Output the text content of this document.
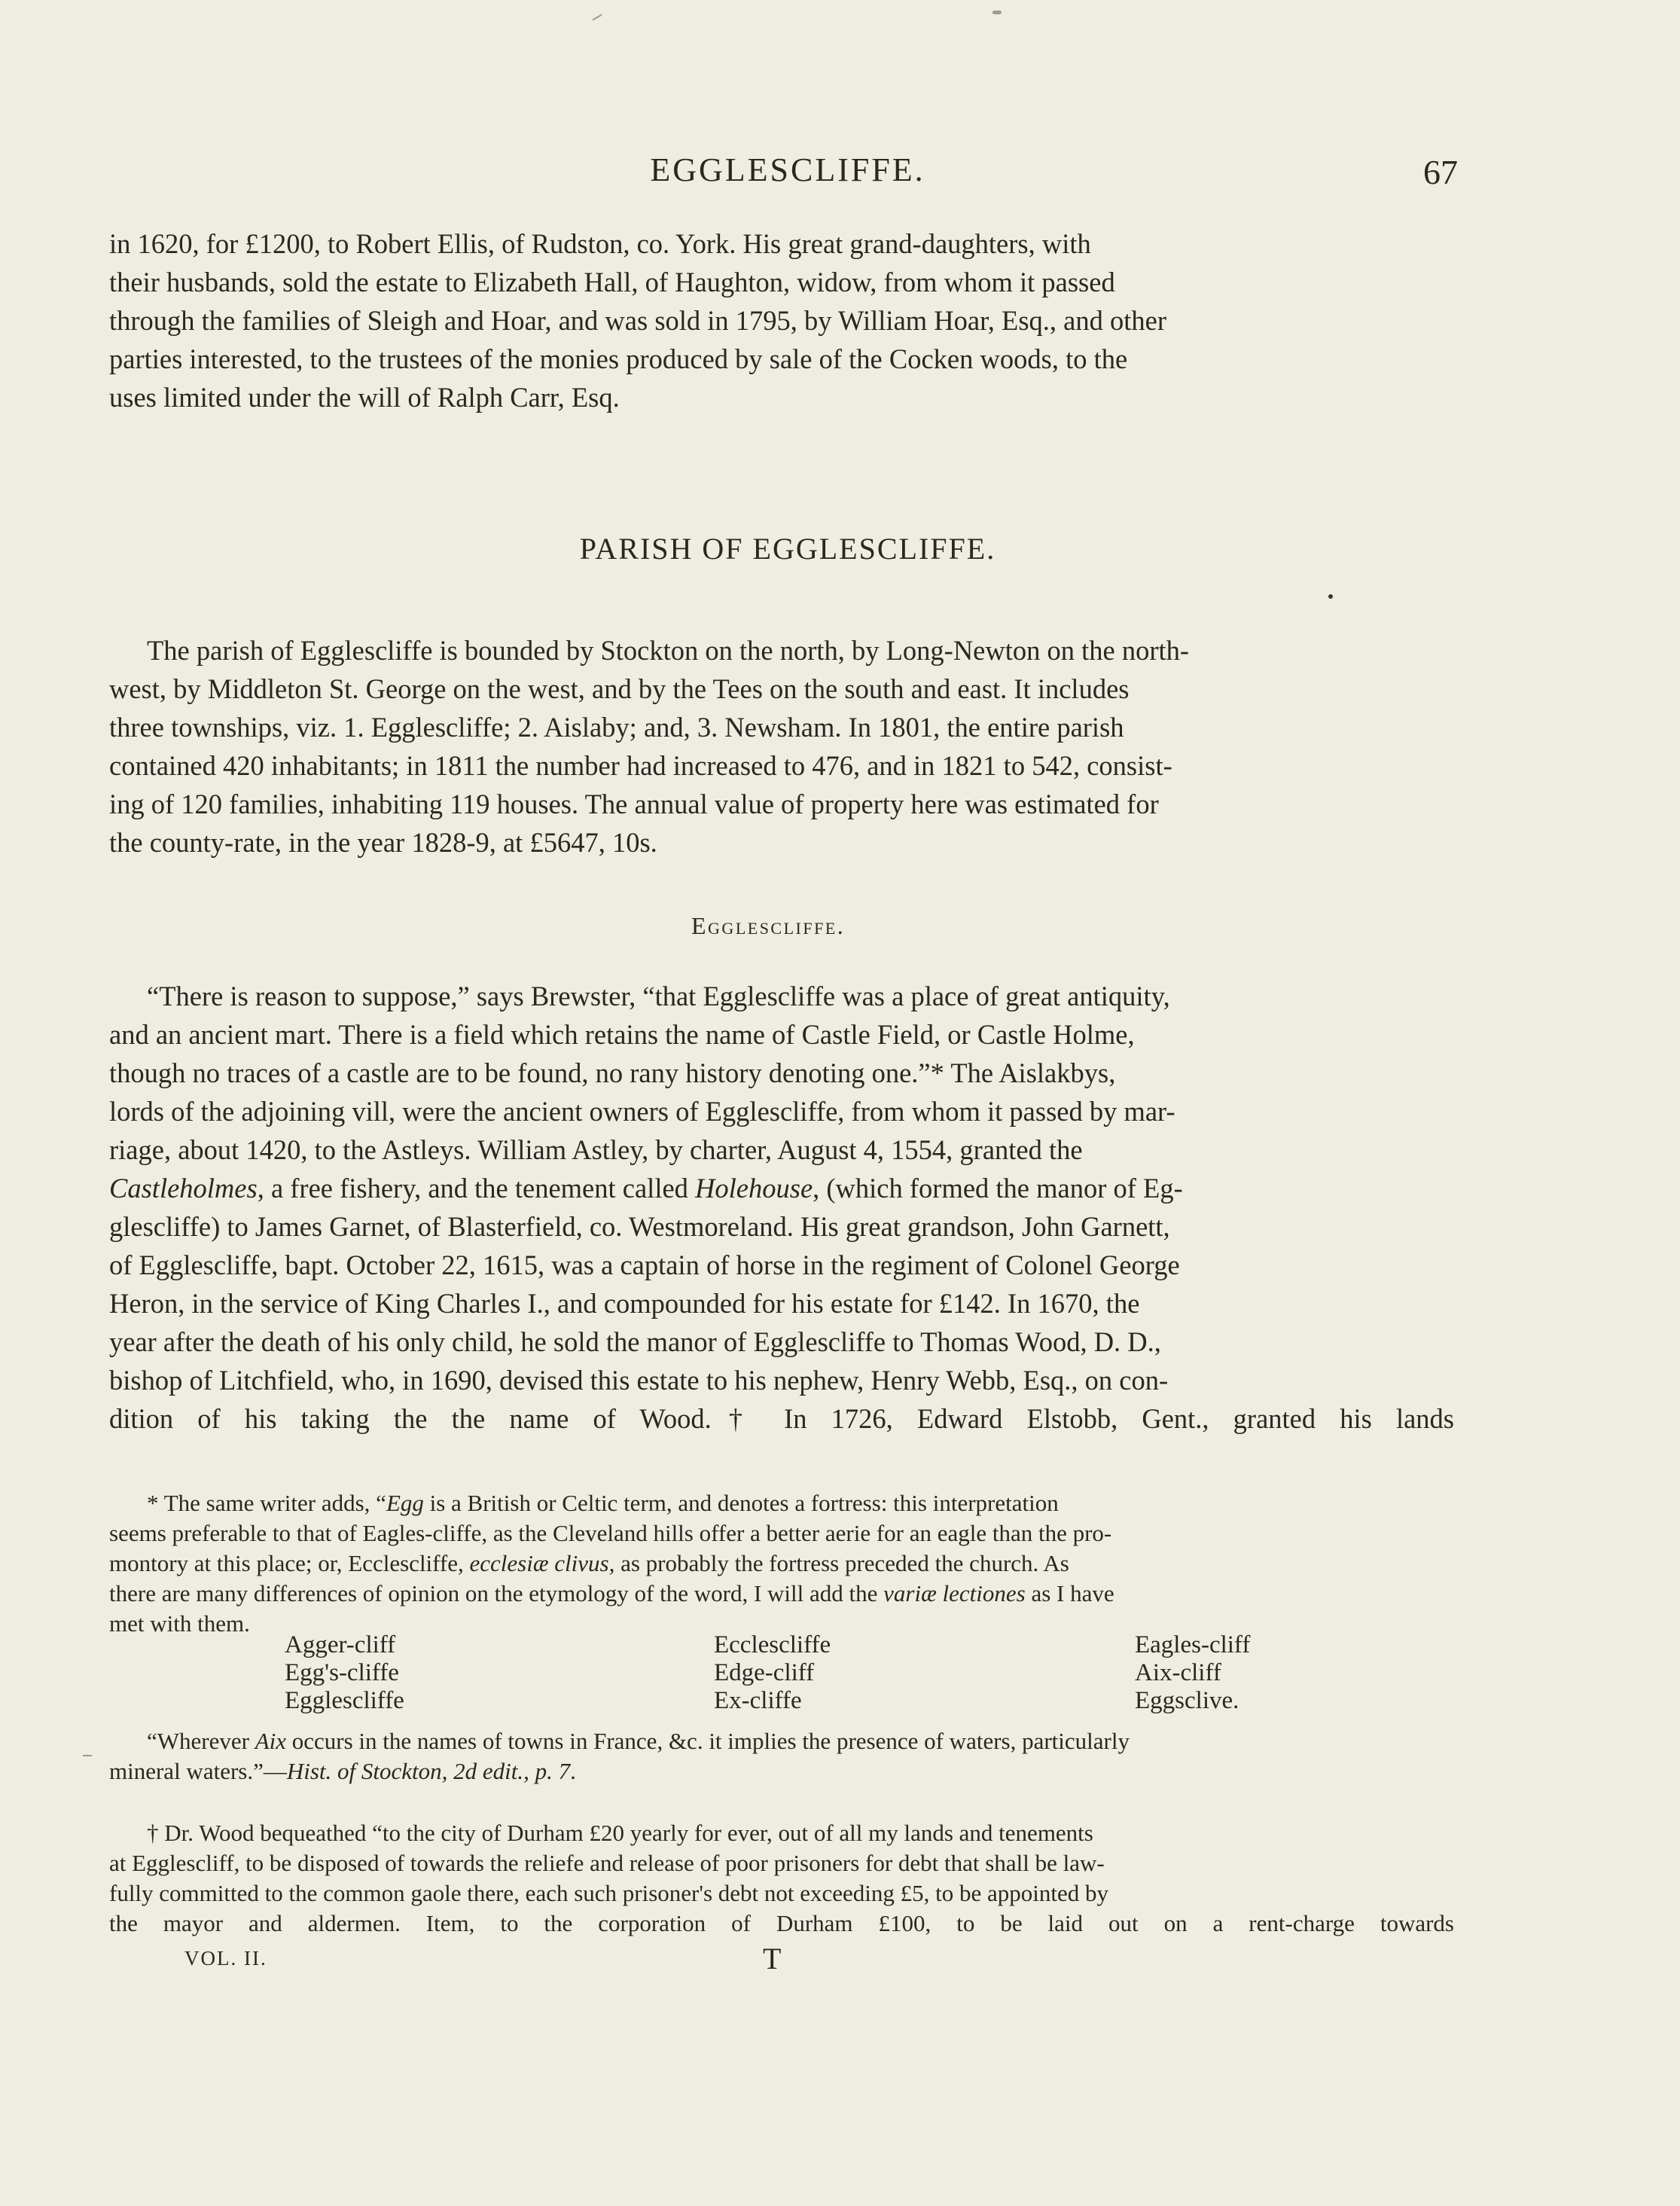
EGGLESCLIFFE.	67

in 1620, for £1200, to Robert Ellis, of Rudston, co. York. His great grand-daughters, with

their husbands, sold the estate to Elizabeth Hall, of Haughton, widow, from whom it passed

through the families of Sleigh and Hoar, and was sold in 1795, by William Hoar, Esq., and other

parties interested, to the trustees of the monies produced by sale of the Cocken woods, to the

uses limited under the will of Ralph Carr, Esq.

PARISH OF EGGLESCLIFFE.

The parish of Egglescliffe is bounded by Stockton on the north, by Long-Newton on the north-

west, by Middleton St. George on the west, and by the Tees on the south and east. It includes

three townships, viz. 1. Egglescliffe; 2. Aislaby; and, 3. Newsham. In 1801, the entire parish

contained 420 inhabitants; in 1811 the number had increased to 476, and in 1821 to 542, consist-

ing of 120 families, inhabiting 119 houses. The annual value of property here was estimated for

the county-rate, in the year 1828-9, at £5647, 10s.

Egglescliffe.

“There is reason to suppose,” says Brewster, “that Egglescliffe was a place of great antiquity,

and an ancient mart. There is a field which retains the name of Castle Field, or Castle Holme,

though no traces of a castle are to be found, no rany history denoting one.”* The Aislakbys,

lords of the adjoining vill, were the ancient owners of Egglescliffe, from whom it passed by mar-

riage, about 1420, to the Astleys. William Astley, by charter, August 4, 1554, granted the

Castleholmes, a free fishery, and the tenement called Holehouse, (which formed the manor of Eg-

glescliffe) to James Garnet, of Blasterfield, co. Westmoreland. His great grandson, John Garnett,

of Egglescliffe, bapt. October 22, 1615, was a captain of horse in the regiment of Colonel George

Heron, in the service of King Charles I., and compounded for his estate for £142. In 1670, the

year after the death of his only child, he sold the manor of Egglescliffe to Thomas Wood, D. D.,

bishop of Litchfield, who, in 1690, devised this estate to his nephew, Henry Webb, Esq., on con-

dition of his taking the the name of Wood.† In 1726, Edward Elstobb, Gent., granted his lands

* The same writer adds, “Egg is a British or Celtic term, and denotes a fortress: this interpretation

seems preferable to that of Eagles-cliffe, as the Cleveland hills offer a better aerie for an eagle than the pro-

montory at this place; or, Ecclescliffe, ecclesiæ clivus, as probably the fortress preceded the church. As

there are many differences of opinion on the etymology of the word, I will add the variæ lectiones as I have

met with them.

Agger-cliff	Ecclescliffe	Eagles-cliff
Egg's-cliffe	Edge-cliff	Aix-cliff
Egglescliffe	Ex-cliffe	Eggsclive.

“Wherever Aix occurs in the names of towns in France, &c. it implies the presence of waters, particularly

mineral waters.”—Hist. of Stockton, 2d edit., p. 7.

† Dr. Wood bequeathed “to the city of Durham £20 yearly for ever, out of all my lands and tenements

at Egglescliff, to be disposed of towards the reliefe and release of poor prisoners for debt that shall be law-

fully committed to the common gaole there, each such prisoner's debt not exceeding £5, to be appointed by

the mayor and aldermen. Item, to the corporation of Durham £100, to be laid out on a rent-charge towards

VOL. II.	T
